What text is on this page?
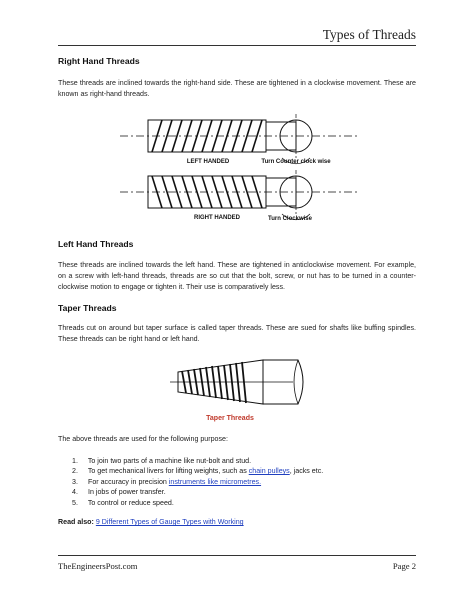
Types of Threads
Right Hand Threads
These threads are inclined towards the right-hand side. These are tightened in a clockwise movement. These are known as right-hand threads.
LEFT HANDED	Turn Counter clock wise
RIGHT HANDED	Turn Clockwise
Left Hand Threads
These threads are inclined towards the left hand. These are tightened in anticlockwise movement. For example, on a screw with left-hand threads, threads are so cut that the bolt, screw, or nut has to be turned in a counter-clockwise motion to engage or tighten it. Their use is comparatively less.
Taper Threads
Threads cut on around but taper surface is called taper threads. These are sued for shafts like buffing spindles. These threads can be right hand or left hand.
Taper Threads
The above threads are used for the following purpose:
1. To join two parts of a machine like nut-bolt and stud.
2. To get mechanical livers for lifting weights, such as chain pulleys, jacks etc.
3. For accuracy in precision instruments like micrometres.
4. In jobs of power transfer.
5. To control or reduce speed.
Read also: 9 Different Types of Gauge Types with Working
TheEngineersPost.com	Page 2
